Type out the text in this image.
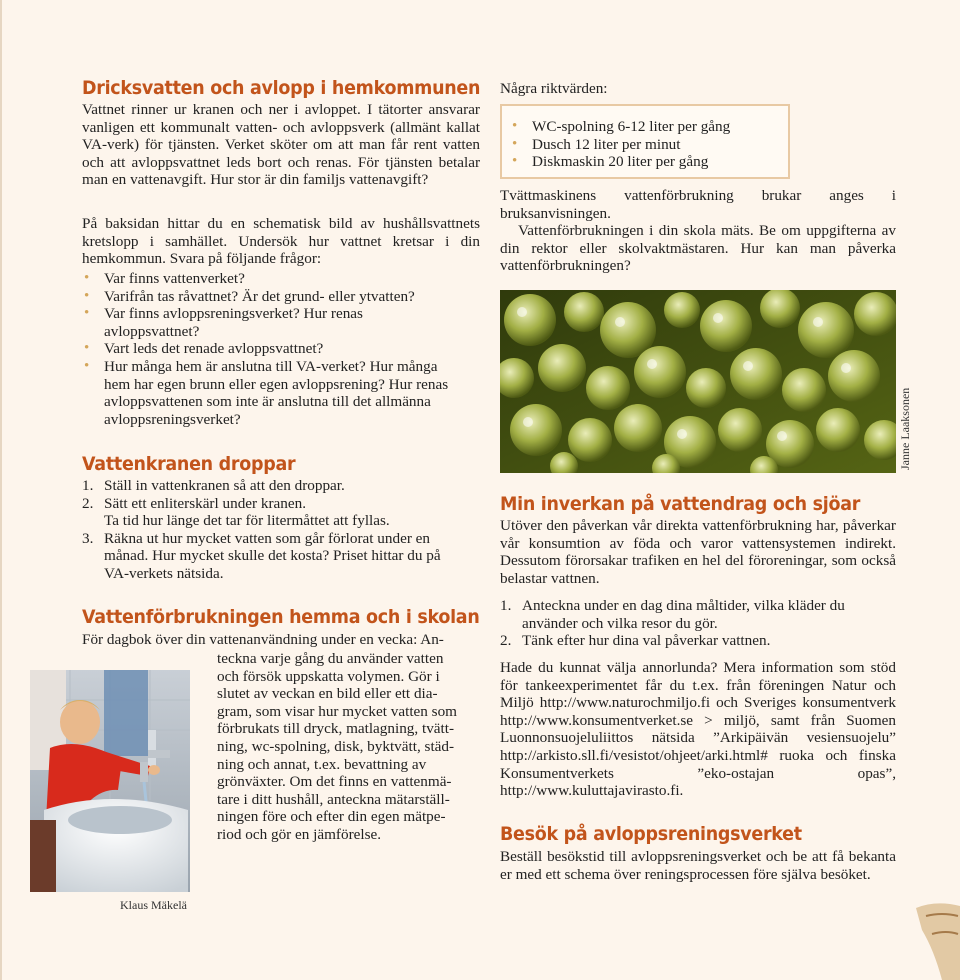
Dricksvatten och avlopp i hemkommunen

Vattnet rinner ur kranen och ner i avloppet. I tätorter ansvarar vanligen ett kommunalt vatten- och avloppsverk (allmänt kallat VA-verk) för tjänsten. Verket sköter om att man får rent vatten och att avloppsvattnet leds bort och renas. För tjänsten betalar man en vattenavgift. Hur stor är din familjs vattenavgift?

På baksidan hittar du en schematisk bild av hushållsvattnets kretslopp i samhället. Undersök hur vattnet kretsar i din hemkommun. Svara på följande frågor:

• Var finns vattenverket?
• Varifrån tas råvattnet? Är det grund- eller ytvatten?
• Var finns avloppsreningsverket? Hur renas avloppsvattnet?
• Vart leds det renade avloppsvattnet?
• Hur många hem är anslutna till VA-verket? Hur många hem har egen brunn eller egen avloppsrening? Hur renas avloppsvattenen som inte är anslutna till det allmänna avloppsreningsverket?
Vattenkranen droppar
1. Ställ in vattenkranen så att den droppar.
2. Sätt ett enliterskärl under kranen.
Ta tid hur länge det tar för litermåttet att fyllas.
3. Räkna ut hur mycket vatten som går förlorat under en månad. Hur mycket skulle det kosta? Priset hittar du på VA-verkets nätsida.
Vattenförbrukningen hemma och i skolan

För dagbok över din vattenanvändning under en vecka: An-

teckna varje gång du använder vatten

och försök uppskatta volymen. Gör i

slutet av veckan en bild eller ett dia-

gram, som visar hur mycket vatten som

förbrukats till dryck, matlagning, tvätt-

ning, wc-spolning, disk, byktvätt, städ-

ning och annat, t.ex. bevattning av

grönväxter. Om det finns en vattenmä-

tare i ditt hushåll, anteckna mätarställ-

ningen före och efter din egen mätpe-

riod och gör en jämförelse.

Klaus Mäkelä

Några riktvärden:

• WC-spolning 6-12 liter per gång
• Dusch 12 liter per minut
• Diskmaskin 20 liter per gång

Tvättmaskinens vattenförbrukning brukar anges i bruksanvisningen.

Vattenförbrukningen i din skola mäts. Be om uppgifterna av din rektor eller skolvaktmästaren. Hur kan man påverka vattenförbrukningen?

Min inverkan på vattendrag och sjöar

Utöver den påverkan vår direkta vattenförbrukning har, påverkar vår konsumtion av föda och varor vattensystemen indirekt. Dessutom förorsakar trafiken en hel del föroreningar, som också belastar vattnen.

1. Anteckna under en dag dina måltider, vilka kläder du använder och vilka resor du gör.
2. Tänk efter hur dina val påverkar vattnen.

Hade du kunnat välja annorlunda? Mera information som stöd för tankeexperimentet får du t.ex. från föreningen Natur och Miljö http://www.naturochmiljo.fi och Sveriges konsumentverk http://www.konsumentverket.se > miljö, samt från Suomen Luonnonsuojeluliittos nätsida ”Arkipäivän vesiensuojelu” http://arkisto.sll.fi/vesistot/ohjeet/arki.html# ruoka och finska Konsumentverkets ”eko-ostajan opas”, http://www.kuluttajavirasto.fi.

Besök på avloppsreningsverket

Beställ besökstid till avloppsreningsverket och be att få bekanta er med ett schema över reningsprocessen före själva besöket.

Janne Laaksonen
